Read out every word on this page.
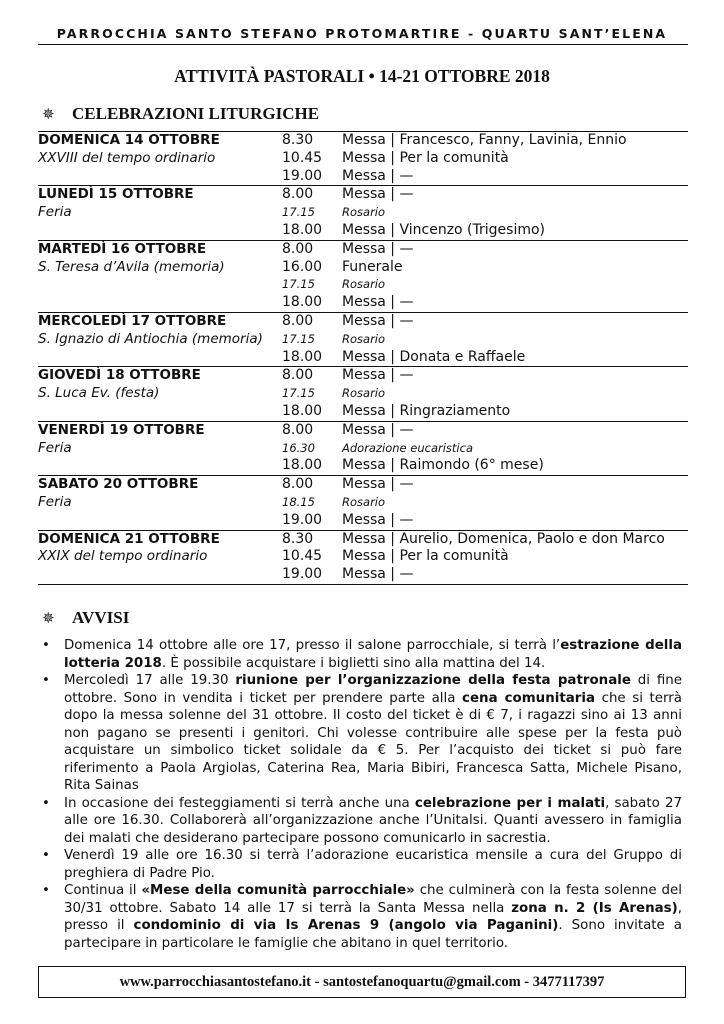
PARROCCHIA SANTO STEFANO PROTOMARTIRE - QUARTU SANT’ELENA
ATTIVITÀ PASTORALI • 14-21 OTTOBRE 2018
✵	CELEBRAZIONI LITURGICHE
DOMENICA 14 OTTOBRE	8.30	Messa | Francesco, Fanny, Lavinia, Ennio
XXVIII del tempo ordinario	10.45	Messa | Per la comunità
19.00	Messa | —
LUNEDÌ 15 OTTOBRE	8.00	Messa | —
Feria	17.15	Rosario
18.00	Messa | Vincenzo (Trigesimo)
MARTEDÌ 16 OTTOBRE	8.00	Messa | —
S. Teresa d’Avila (memoria)	16.00	Funerale
17.15	Rosario
18.00	Messa | —
MERCOLEDÌ 17 OTTOBRE	8.00	Messa | —
S. Ignazio di Antiochia (memoria)	17.15	Rosario
18.00	Messa | Donata e Raffaele
GIOVEDÌ 18 OTTOBRE	8.00	Messa | —
S. Luca Ev. (festa)	17.15	Rosario
18.00	Messa | Ringraziamento
VENERDÌ 19 OTTOBRE	8.00	Messa | —
Feria	16.30	Adorazione eucaristica
18.00	Messa | Raimondo (6° mese)
SABATO 20 OTTOBRE	8.00	Messa | —
Feria	18.15	Rosario
19.00	Messa | —
DOMENICA 21 OTTOBRE	8.30	Messa | Aurelio, Domenica, Paolo e don Marco
XXIX del tempo ordinario	10.45	Messa | Per la comunità
19.00	Messa | —
✵	AVVISI
• Domenica 14 ottobre alle ore 17, presso il salone parrocchiale, si terrà l’estrazione della lotteria 2018. È possibile acquistare i biglietti sino alla mattina del 14.
• Mercoledì 17 alle 19.30 riunione per l’organizzazione della festa patronale di fine ottobre. Sono in vendita i ticket per prendere parte alla cena comunitaria che si terrà dopo la messa solenne del 31 ottobre. Il costo del ticket è di € 7, i ragazzi sino ai 13 anni non pagano se presenti i genitori. Chi volesse contribuire alle spese per la festa può acquistare un simbolico ticket solidale da € 5. Per l’acquisto dei ticket si può fare riferimento a Paola Argiolas, Caterina Rea, Maria Bibiri, Francesca Satta, Michele Pisano, Rita Sainas
• In occasione dei festeggiamenti si terrà anche una celebrazione per i malati, sabato 27 alle ore 16.30. Collaborerà all’organizzazione anche l’Unitalsi. Quanti avessero in famiglia dei malati che desiderano partecipare possono comunicarlo in sacrestia.
• Venerdì 19 alle ore 16.30 si terrà l’adorazione eucaristica mensile a cura del Gruppo di preghiera di Padre Pio.
• Continua il «Mese della comunità parrocchiale» che culminerà con la festa solenne del 30/31 ottobre. Sabato 14 alle 17 si terrà la Santa Messa nella zona n. 2 (Is Arenas), presso il condominio di via Is Arenas 9 (angolo via Paganini). Sono invitate a partecipare in particolare le famiglie che abitano in quel territorio.
www.parrocchiasantostefano.it - santostefanoquartu@gmail.com - 3477117397
